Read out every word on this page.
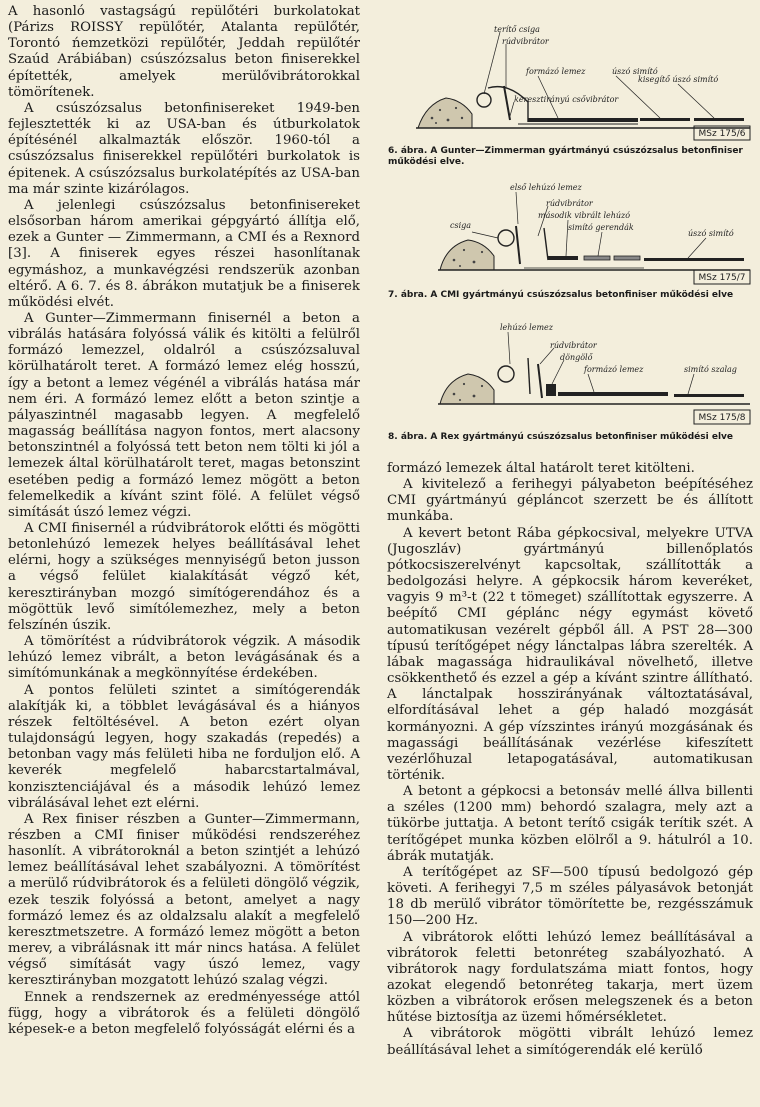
A hasonló vastagságú repülőtéri burkolatokat (Párizs ROISSY repülőtér, Atalanta repülőtér, Torontó ńemzetközi repülőtér, Jeddah repülőtér Szaúd Arábiában) csúszózsalus beton finiserekkel építették, amelyek merülővibrátorokkal tömörítenek.

A csúszózsalus betonfinisereket 1949-ben fejlesztették ki az USA-ban és útburkolatok építésénél alkalmazták először. 1960-tól a csúszózsalus finiserekkel repülőtéri burkolatok is épitenek. A csúszózsalus burkolatépítés az USA-ban ma már szinte kizárólagos.

A jelenlegi csúszózsalus betonfinisereket elsősorban három amerikai gépgyártó állítja elő, ezek a Gunter — Zimmermann, a CMI és a Rexnord [3]. A finiserek egyes részei hasonlítanak egymáshoz, a munkavégzési rendszerük azonban eltérő. A 6. 7. és 8. ábrákon mutatjuk be a finiserek működési elvét.

A Gunter—Zimmermann finisernél a beton a vibrálás hatására folyóssá válik és kitölti a felülről formázó lemezzel, oldalról a csúszózsaluval körülhatárolt teret. A formázó lemez elég hosszú, így a betont a lemez végénél a vibrálás hatása már nem éri. A formázó lemez előtt a beton szintje a pályaszintnél magasabb legyen. A megfelelő magasság beállítása nagyon fontos, mert alacsony betonszintnél a folyóssá tett beton nem tölti ki jól a lemezek által körülhatárolt teret, magas betonszint esetében pedig a formázó lemez mögött a beton felemelkedik a kívánt szint fölé. A felület végső simítását úszó lemez végzi.

A CMI finisernél a rúdvibrátorok előtti és mögötti betonlehúzó lemezek helyes beállításával lehet elérni, hogy a szükséges mennyiségű beton jusson a végső felület kialakítását végző két, keresztirányban mozgó simítógerendához és a mögöttük levő simítólemezhez, mely a beton felszínén úszik.

A tömörítést a rúdvibrátorok végzik. A második lehúzó lemez vibrált, a beton levágásának és a simítómunkának a megkönnyítése érdekében.

A pontos felületi szintet a simítógerendák alakítják ki, a többlet levágásával és a hiányos részek feltöltésével. A beton ezért olyan tulajdonságú legyen, hogy szakadás (repedés) a betonban vagy más felületi hiba ne forduljon elő. A keverék megfelelő habarcstartalmával, konzisztenciájával és a második lehúzó lemez vibrálásával lehet ezt elérni.

A Rex finiser részben a Gunter—Zimmermann, részben a CMI finiser működési rendszeréhez hasonlít. A vibrátoroknál a beton szintjét a lehúzó lemez beállításával lehet szabályozni. A tömörítést a merülő rúdvibrátorok és a felületi döngölő végzik, ezek teszik folyóssá a betont, amelyet a nagy formázó lemez és az oldalzsalu alakít a megfelelő keresztmetszetre. A formázó lemez mögött a beton merev, a vibrálásnak itt már nincs hatása. A felület végső simítását vagy úszó lemez, vagy keresztirányban mozgatott lehúzó szalag végzi.

Ennek a rendszernek az eredményessége attól függ, hogy a vibrátorok és a felületi döngölő képesek-e a beton megfelelő folyósságát elérni és a

terítő csiga
rúdvibrátor
formázó lemez	úszó simító
kisegítő úszó simító
keresztirányú csővibrátor
MSz 175/6
6. ábra. A Gunter—Zimmerman gyártmányú csúszózsalus betonfiniser működési elve.
első lehúzó lemez
csiga
rúdvibrátor
második vibrált lehúzó
simító gerendák
úszó simító
MSz 175/7
7. ábra. A CMI gyártmányú csúszózsalus betonfiniser működési elve
lehúzó lemez
rúdvibrátor
döngölő
formázó lemez	simító szalag
MSz 175/8
8. ábra. A Rex gyártmányú csúszózsalus betonfiniser működési elve

formázó lemezek által határolt teret kitölteni.

A kivitelező a ferihegyi pályabeton beépítéséhez CMI gyártmányú gépláncot szerzett be és állított munkába.

A kevert betont Rába gépkocsival, melyekre UTVA (Jugoszláv) gyártmányú billenőplatós pótkocsiszerelvényt kapcsoltak, szállították a bedolgozási helyre. A gépkocsik három keveréket, vagyis 9 m³-t (22 t tömeget) szállítottak egyszerre. A beépítő CMI géplánc négy egymást követő automatikusan vezérelt gépből áll. A PST 28—300 típusú terítőgépet négy lánctalpas lábra szerelték. A lábak magassága hidraulikával növelhető, illetve csökkenthető és ezzel a gép a kívánt szintre állítható. A lánctalpak hosszirányának változtatásával, elfordításával lehet a gép haladó mozgását kormányozni. A gép vízszintes irányú mozgásának és magassági beállításának vezérlése kifeszített vezérlőhuzal letapogatásával, automatikusan történik.

A betont a gépkocsi a betonsáv mellé állva billenti a széles (1200 mm) behordó szalagra, mely azt a tükörbe juttatja. A betont terítő csigák terítik szét. A terítőgépet munka közben elölről a 9. hátulról a 10. ábrák mutatják.

A terítőgépet az SF—500 típusú bedolgozó gép követi. A ferihegyi 7,5 m széles pályasávok betonját 18 db merülő vibrátor tömörítette be, rezgésszámuk 150—200 Hz.

A vibrátorok előtti lehúzó lemez beállításával a vibrátorok feletti betonréteg szabályozható. A vibrátorok nagy fordulatszáma miatt fontos, hogy azokat elegendő betonréteg takarja, mert üzem közben a vibrátorok erősen melegszenek és a beton hűtése biztosítja az üzemi hőmérsékletet.

A vibrátorok mögötti vibrált lehúzó lemez beállításával lehet a simítógerendák elé kerülő
